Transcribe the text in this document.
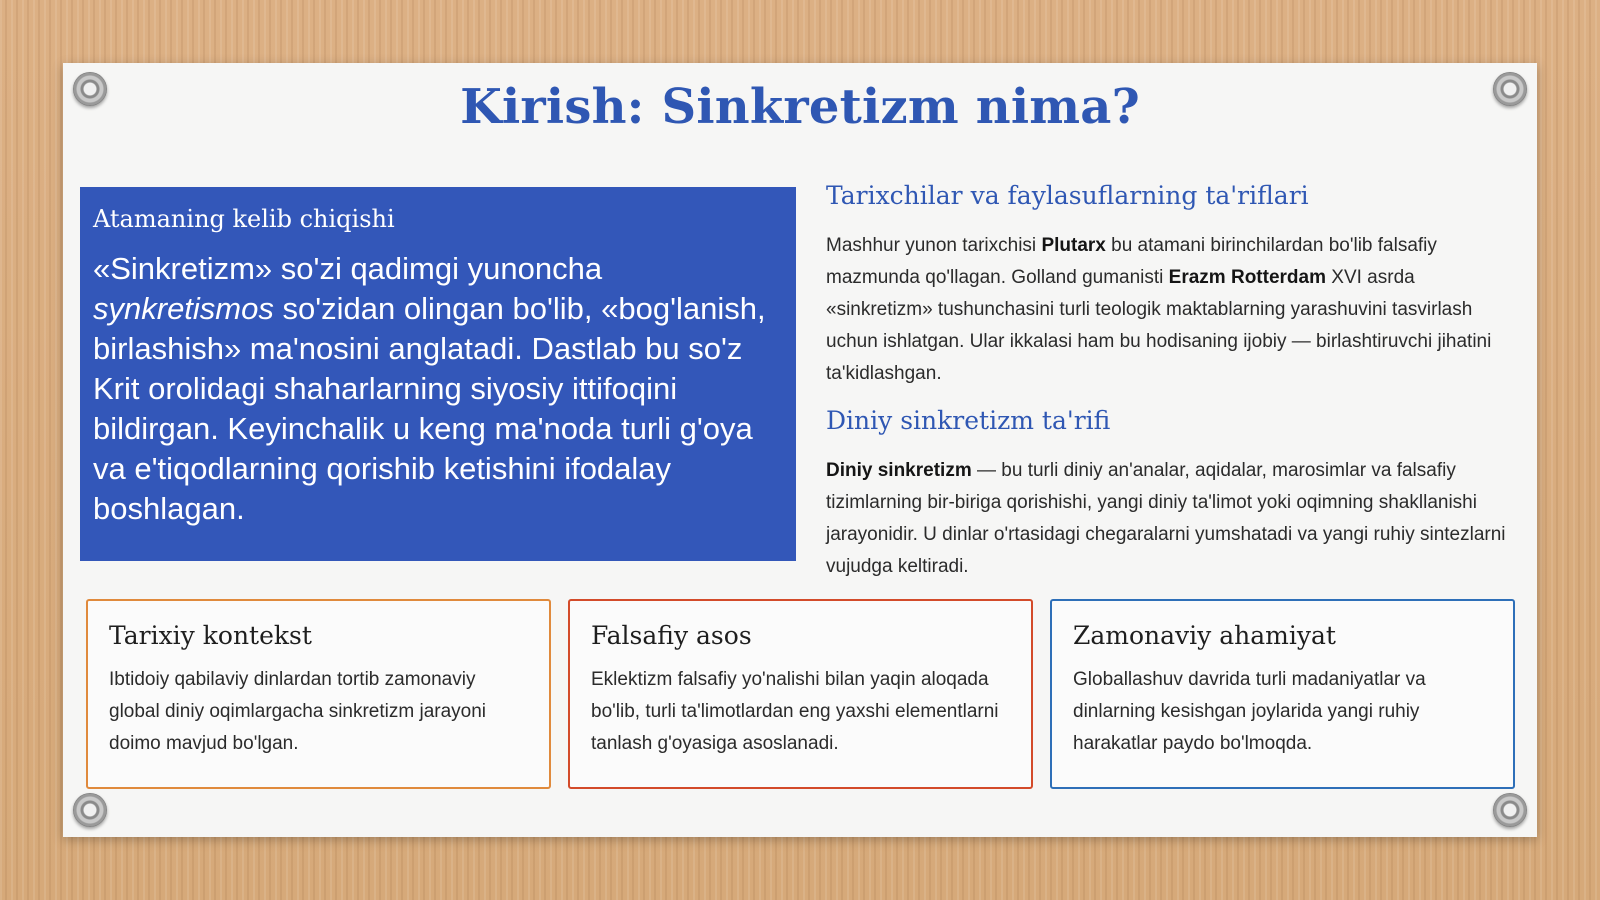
Kirish: Sinkretizm nima?
Atamaning kelib chiqishi

«Sinkretizm» so'zi qadimgi yunoncha synkretismos so'zidan olingan bo'lib, «bog'lanish, birlashish» ma'nosini anglatadi. Dastlab bu so'z Krit orolidagi shaharlarning siyosiy ittifoqini bildirgan. Keyinchalik u keng ma'noda turli g'oya va e'tiqodlarning qorishib ketishini ifodalay boshlagan.

Tarixchilar va faylasuflarning ta'riflari

Mashhur yunon tarixchisi Plutarx bu atamani birinchilardan bo'lib falsafiy mazmunda qo'llagan. Golland gumanisti Erazm Rotterdam XVI asrda «sinkretizm» tushunchasini turli teologik maktablarning yarashuvini tasvirlash uchun ishlatgan. Ular ikkalasi ham bu hodisaning ijobiy — birlashtiruvchi jihatini ta'kidlashgan.

Diniy sinkretizm ta'rifi

Diniy sinkretizm — bu turli diniy an'analar, aqidalar, marosimlar va falsafiy tizimlarning bir-biriga qorishishi, yangi diniy ta'limot yoki oqimning shakllanishi jarayonidir. U dinlar o'rtasidagi chegaralarni yumshatadi va yangi ruhiy sintezlarni vujudga keltiradi.

Tarixiy kontekst

Ibtidoiy qabilaviy dinlardan tortib zamonaviy global diniy oqimlargacha sinkretizm jarayoni doimo mavjud bo'lgan.

Falsafiy asos

Eklektizm falsafiy yo'nalishi bilan yaqin aloqada bo'lib, turli ta'limotlardan eng yaxshi elementlarni tanlash g'oyasiga asoslanadi.

Zamonaviy ahamiyat

Globallashuv davrida turli madaniyatlar va dinlarning kesishgan joylarida yangi ruhiy harakatlar paydo bo'lmoqda.
